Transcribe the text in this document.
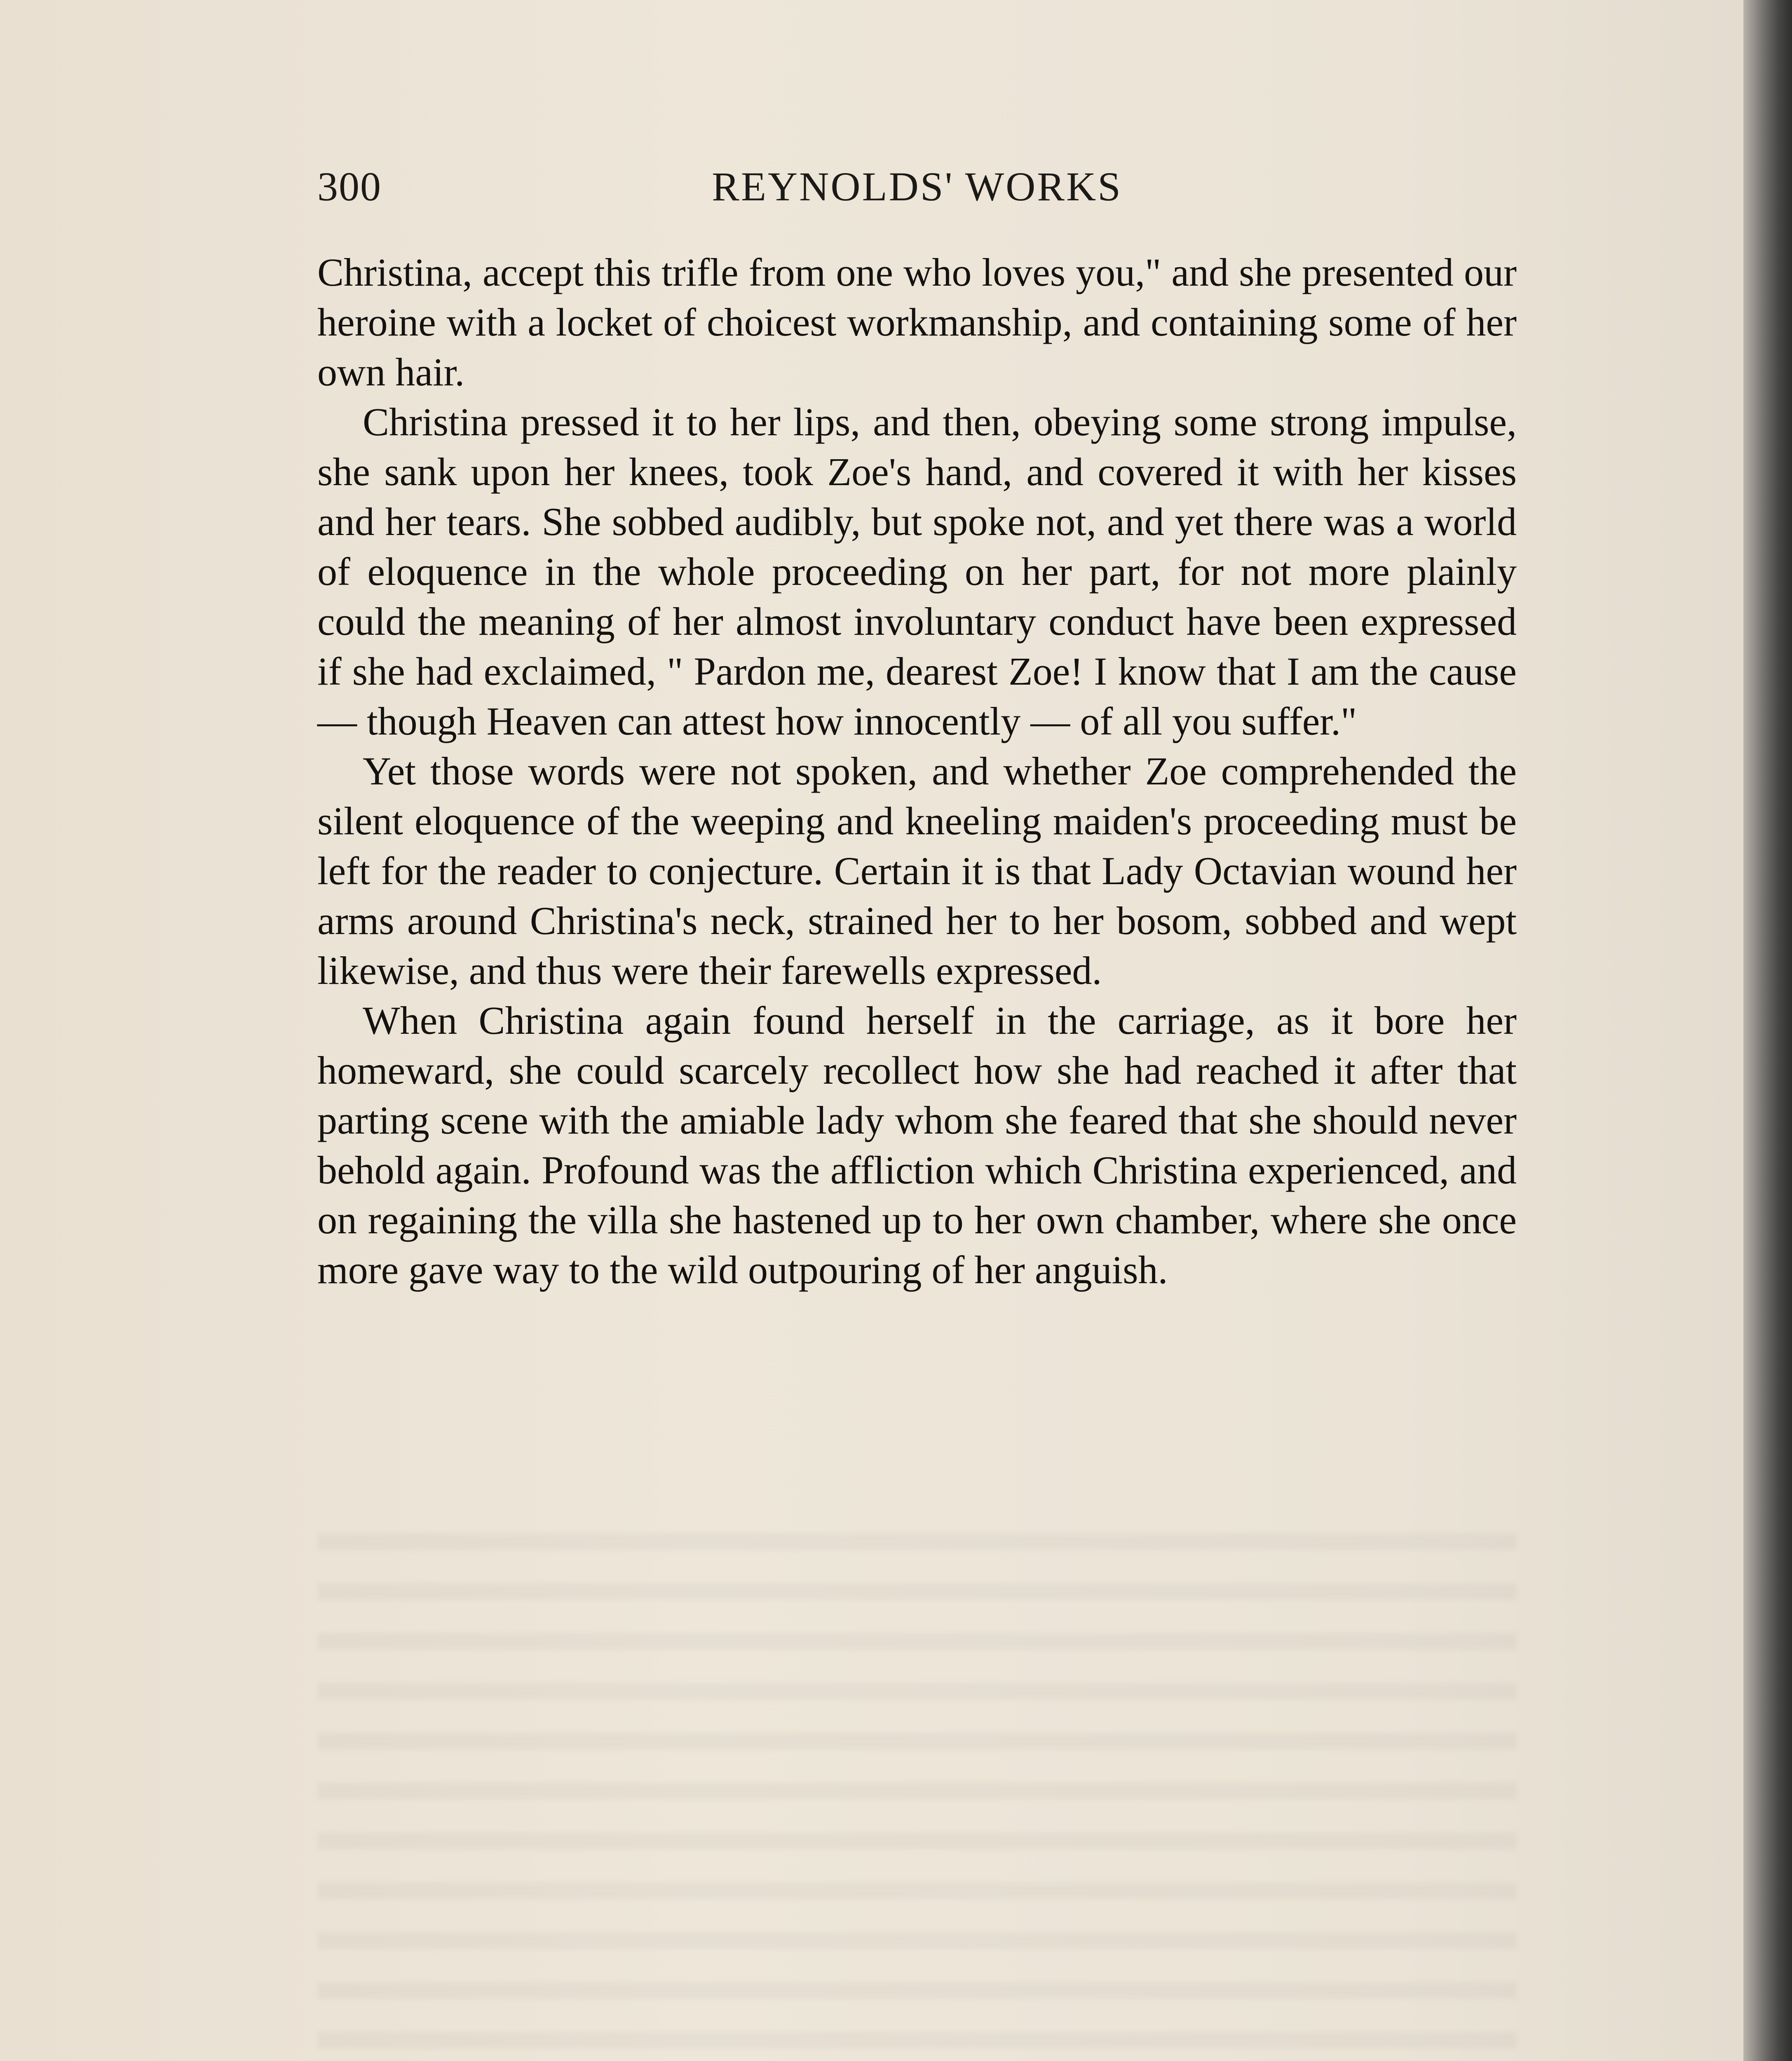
300	REYNOLDS' WORKS

Christina, accept this trifle from one who loves you," and she presented our heroine with a locket of choicest workmanship, and containing some of her own hair.

Christina pressed it to her lips, and then, obeying some strong impulse, she sank upon her knees, took Zoe's hand, and covered it with her kisses and her tears. She sobbed audibly, but spoke not, and yet there was a world of eloquence in the whole proceeding on her part, for not more plainly could the meaning of her almost involuntary conduct have been expressed if she had exclaimed, " Pardon me, dearest Zoe! I know that I am the cause — though Heaven can attest how innocently — of all you suffer."

Yet those words were not spoken, and whether Zoe comprehended the silent eloquence of the weeping and kneeling maiden's proceeding must be left for the reader to conjecture. Certain it is that Lady Octavian wound her arms around Christina's neck, strained her to her bosom, sobbed and wept likewise, and thus were their farewells expressed.

When Christina again found herself in the carriage, as it bore her homeward, she could scarcely recollect how she had reached it after that parting scene with the amiable lady whom she feared that she should never behold again. Profound was the affliction which Christina experienced, and on regaining the villa she hastened up to her own chamber, where she once more gave way to the wild outpouring of her anguish.
